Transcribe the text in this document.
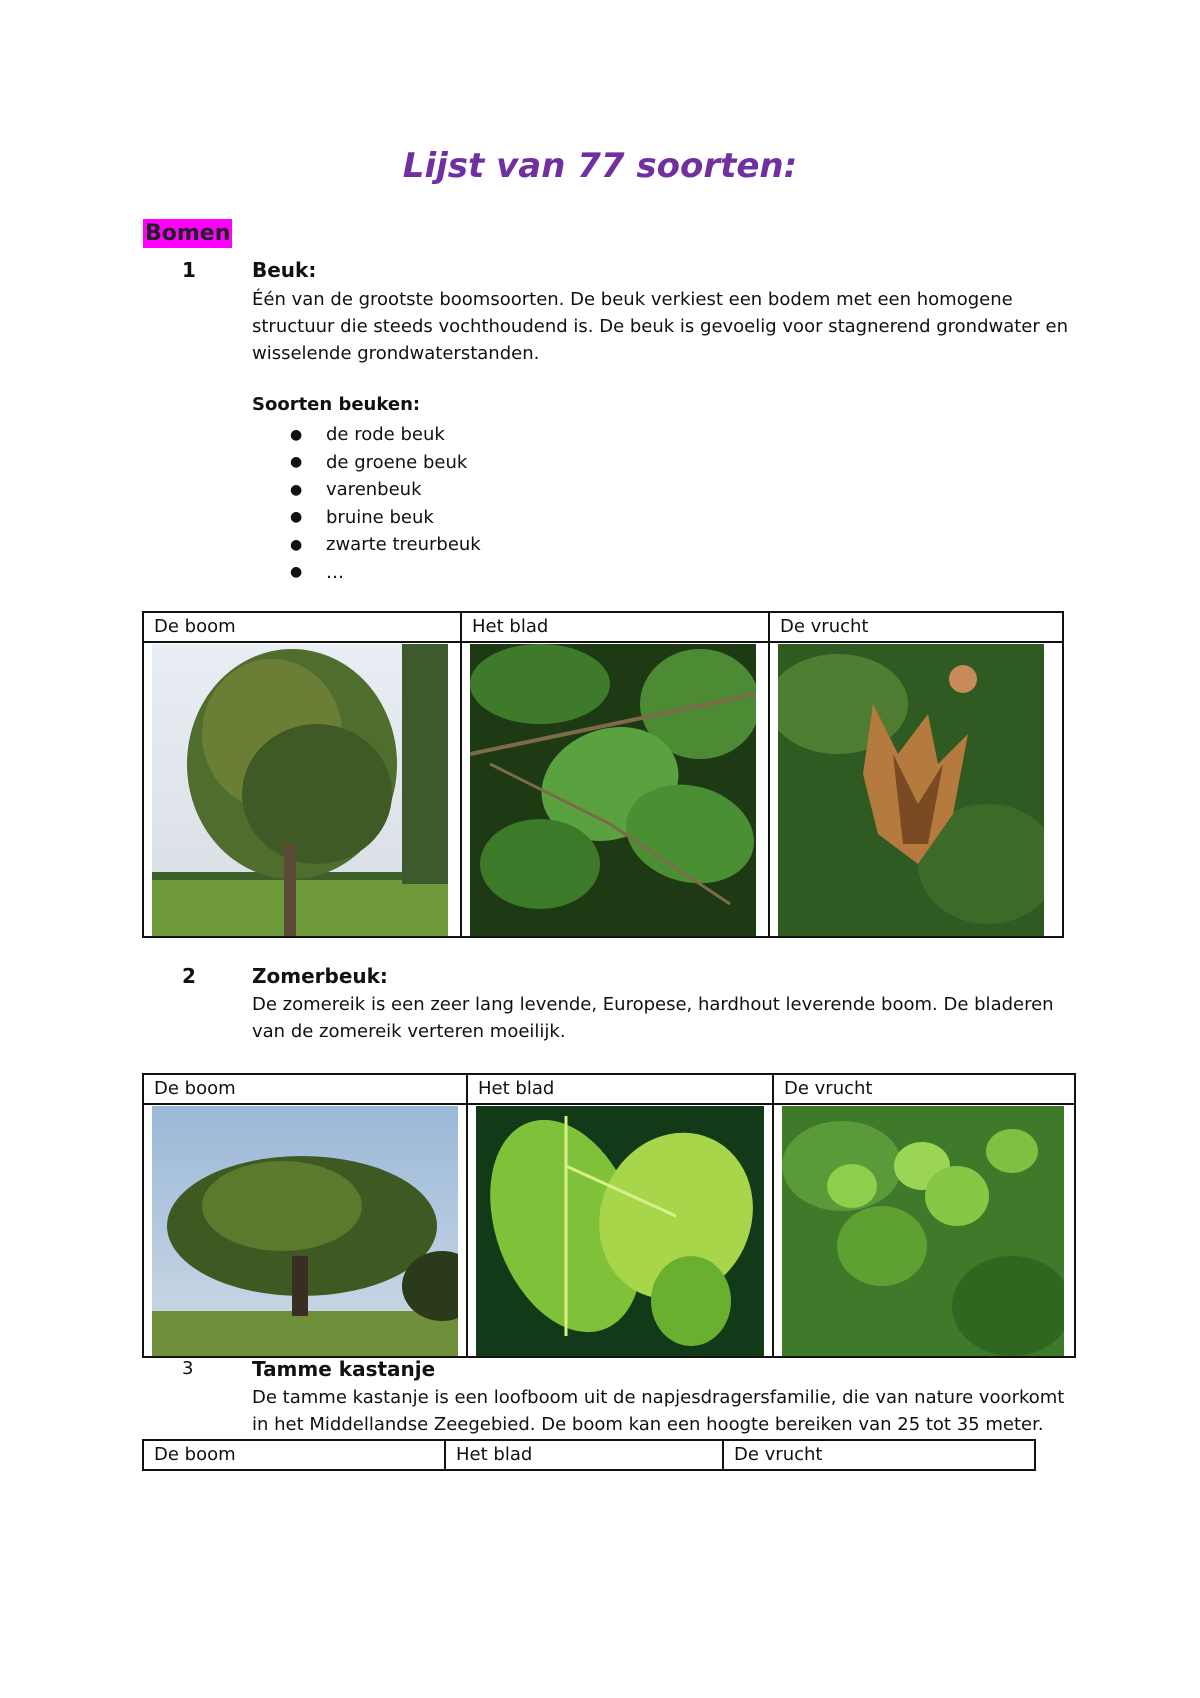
Lijst van 77 soorten:
Bomen
1	Beuk:
Één van de grootste boomsoorten. De beuk verkiest een bodem met een homogene structuur die steeds vochthoudend is. De beuk is gevoelig voor stagnerend grondwater en wisselende grondwaterstanden.
Soorten beuken:
●	de rode beuk
●	de groene beuk
●	varenbeuk
●	bruine beuk
●	zwarte treurbeuk
●	…
De boom	Het blad	De vrucht

2	Zomerbeuk:
De zomereik is een zeer lang levende, Europese, hardhout leverende boom. De bladeren van de zomereik verteren moeilijk.
De boom	Het blad	De vrucht

3	Tamme kastanje
De tamme kastanje is een loofboom uit de napjesdragersfamilie, die van nature voorkomt in het Middellandse Zeegebied. De boom kan een hoogte bereiken van 25 tot 35 meter.
De boom	Het blad	De vrucht
